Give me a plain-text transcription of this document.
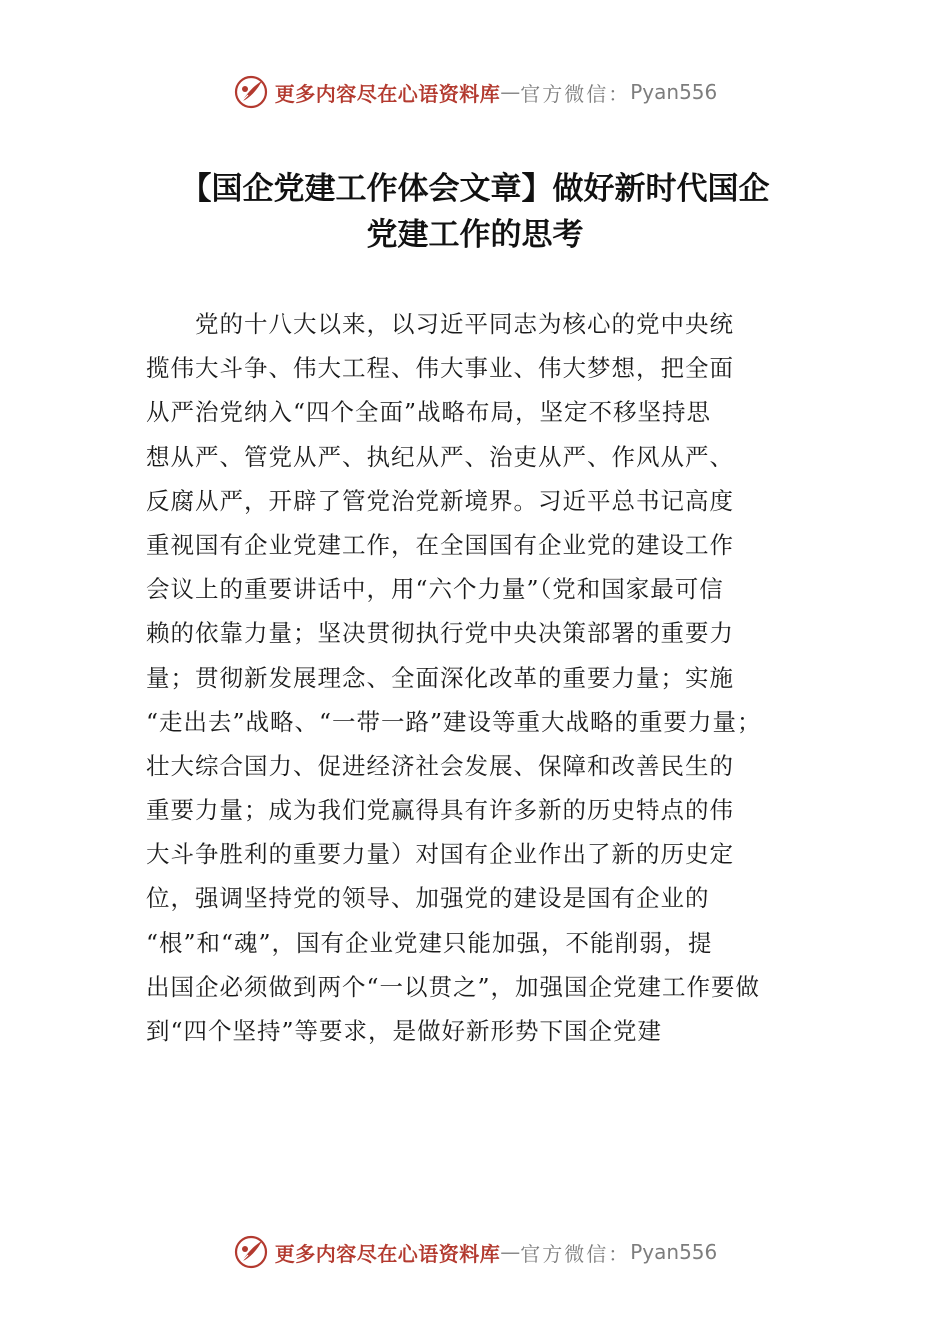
更多内容尽在心语资料库 — 官方微信： Pyan556
【国企党建工作体会文章】做好新时代国企
党建工作的思考
　　党的十八大以来，以习近平同志为核心的党中央统
揽伟大斗争、伟大工程、伟大事业、伟大梦想，把全面
从严治党纳入“四个全面”战略布局，坚定不移坚持思
想从严、管党从严、执纪从严、治吏从严、作风从严、
反腐从严，开辟了管党治党新境界。习近平总书记高度
重视国有企业党建工作，在全国国有企业党的建设工作
会议上的重要讲话中，用“六个力量”（党和国家最可信
赖的依靠力量；坚决贯彻执行党中央决策部署的重要力
量；贯彻新发展理念、全面深化改革的重要力量；实施
“走出去”战略、“一带一路”建设等重大战略的重要力量；
壮大综合国力、促进经济社会发展、保障和改善民生的
重要力量；成为我们党赢得具有许多新的历史特点的伟
大斗争胜利的重要力量）对国有企业作出了新的历史定
位，强调坚持党的领导、加强党的建设是国有企业的
“根”和“魂”，国有企业党建只能加强，不能削弱，提
出国企必须做到两个“一以贯之”，加强国企党建工作要做
到“四个坚持”等要求，是做好新形势下国企党建
更多内容尽在心语资料库 — 官方微信： Pyan556
